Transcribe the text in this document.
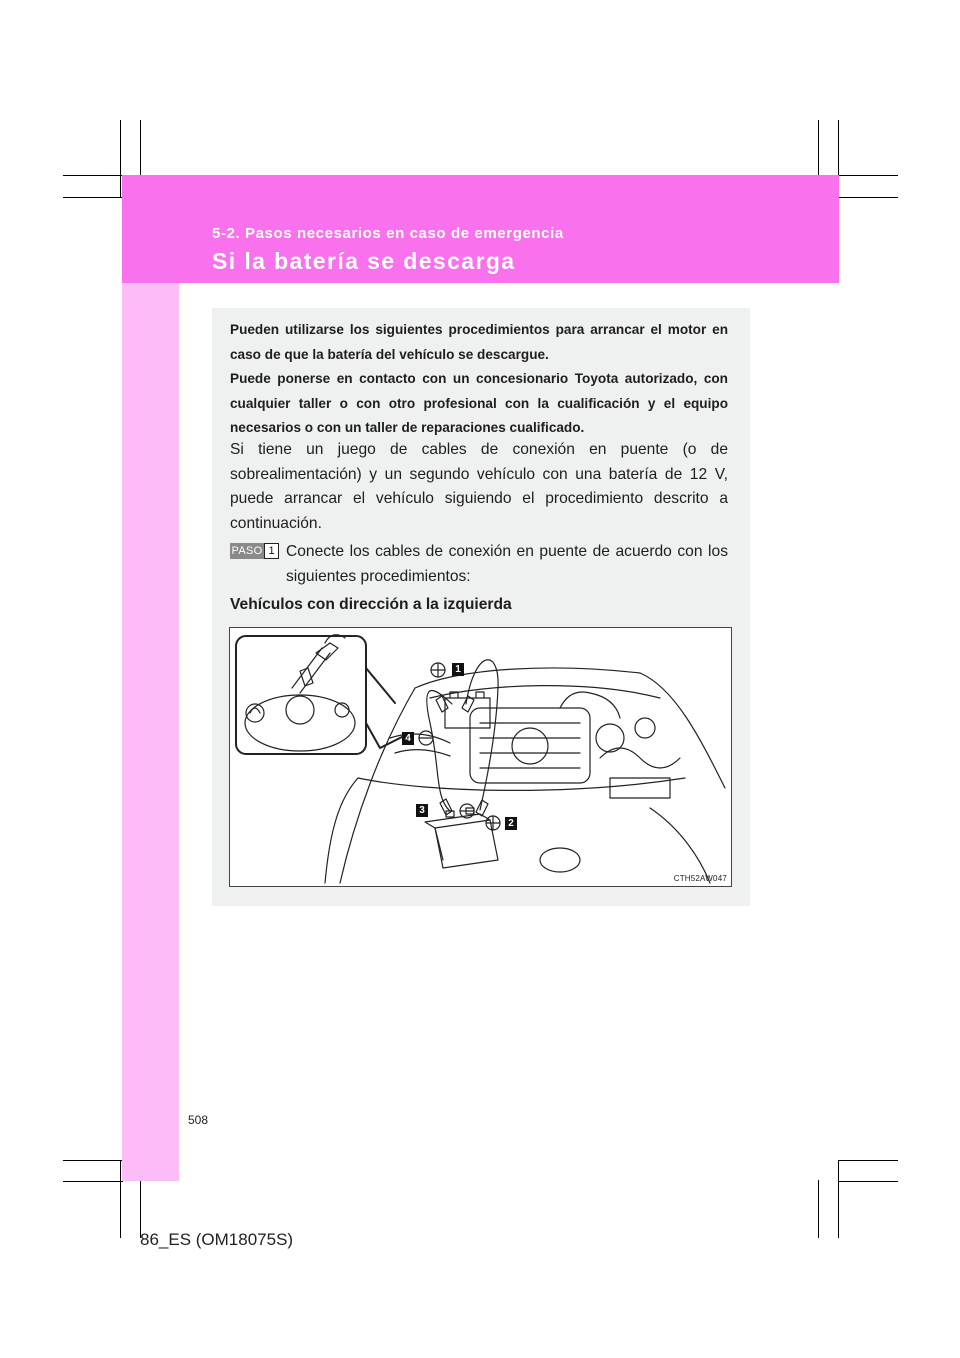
5-2. Pasos necesarios en caso de emergencia

Si la batería se descarga

Pueden utilizarse los siguientes procedimientos para arrancar el motor en caso de que la batería del vehículo se descargue.

Puede ponerse en contacto con un concesionario Toyota autorizado, con cualquier taller o con otro profesional con la cualificación y el equipo necesarios o con un taller de reparaciones cualificado.

Si tiene un juego de cables de conexión en puente (o de sobrealimentación) y un segundo vehículo con una batería de 12 V, puede arrancar el vehículo siguiendo el procedimiento descrito a continuación.

PASO 1 Conecte los cables de conexión en puente de acuerdo con los siguientes procedimientos:

Vehículos con dirección a la izquierda

1
2
3
4
CTH52AW047

508

86_ES (OM18075S)
